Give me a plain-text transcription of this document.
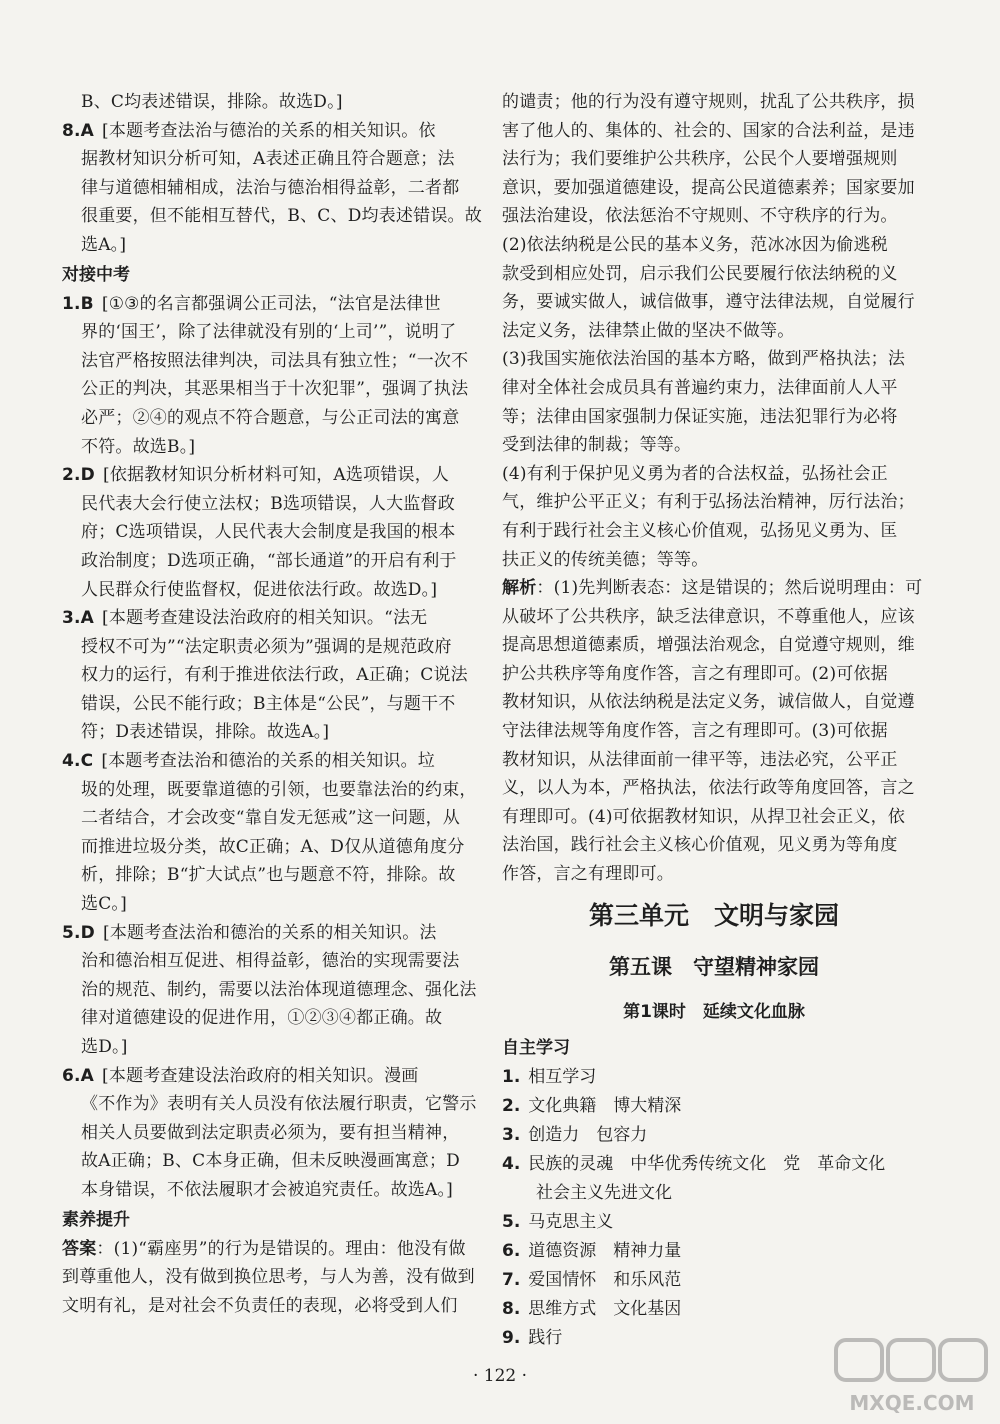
B、C均表述错误，排除。故选D。]
8.A [本题考查法治与德治的关系的相关知识。依
据教材知识分析可知，A表述正确且符合题意；法
律与道德相辅相成，法治与德治相得益彰，二者都
很重要，但不能相互替代，B、C、D均表述错误。故
选A。]
对接中考
1.B [①③的名言都强调公正司法，“法官是法律世
界的‘国王’，除了法律就没有别的‘上司’”，说明了
法官严格按照法律判决，司法具有独立性；“一次不
公正的判决，其恶果相当于十次犯罪”，强调了执法
必严；②④的观点不符合题意，与公正司法的寓意
不符。故选B。]
2.D [依据教材知识分析材料可知，A选项错误，人
民代表大会行使立法权；B选项错误，人大监督政
府；C选项错误，人民代表大会制度是我国的根本
政治制度；D选项正确，“部长通道”的开启有利于
人民群众行使监督权，促进依法行政。故选D。]
3.A [本题考查建设法治政府的相关知识。“法无
授权不可为”“法定职责必须为”强调的是规范政府
权力的运行，有利于推进依法行政，A正确；C说法
错误，公民不能行政；B主体是“公民”，与题干不
符；D表述错误，排除。故选A。]
4.C [本题考查法治和德治的关系的相关知识。垃
圾的处理，既要靠道德的引领，也要靠法治的约束，
二者结合，才会改变“靠自发无惩戒”这一问题，从
而推进垃圾分类，故C正确；A、D仅从道德角度分
析，排除；B“扩大试点”也与题意不符，排除。故
选C。]
5.D [本题考查法治和德治的关系的相关知识。法
治和德治相互促进、相得益彰，德治的实现需要法
治的规范、制约，需要以法治体现道德理念、强化法
律对道德建设的促进作用，①②③④都正确。故
选D。]
6.A [本题考查建设法治政府的相关知识。漫画
《不作为》表明有关人员没有依法履行职责，它警示
相关人员要做到法定职责必须为，要有担当精神，
故A正确；B、C本身正确，但未反映漫画寓意；D
本身错误，不依法履职才会被追究责任。故选A。]
素养提升
答案：(1)“霸座男”的行为是错误的。理由：他没有做
到尊重他人，没有做到换位思考，与人为善，没有做到
文明有礼，是对社会不负责任的表现，必将受到人们
的谴责；他的行为没有遵守规则，扰乱了公共秩序，损
害了他人的、集体的、社会的、国家的合法利益，是违
法行为；我们要维护公共秩序，公民个人要增强规则
意识，要加强道德建设，提高公民道德素养；国家要加
强法治建设，依法惩治不守规则、不守秩序的行为。
(2)依法纳税是公民的基本义务，范冰冰因为偷逃税
款受到相应处罚，启示我们公民要履行依法纳税的义
务，要诚实做人，诚信做事，遵守法律法规，自觉履行
法定义务，法律禁止做的坚决不做等。
(3)我国实施依法治国的基本方略，做到严格执法；法
律对全体社会成员具有普遍约束力，法律面前人人平
等；法律由国家强制力保证实施，违法犯罪行为必将
受到法律的制裁；等等。
(4)有利于保护见义勇为者的合法权益，弘扬社会正
气，维护公平正义；有利于弘扬法治精神，厉行法治；
有利于践行社会主义核心价值观，弘扬见义勇为、匡
扶正义的传统美德；等等。
解析：(1)先判断表态：这是错误的；然后说明理由：可
从破坏了公共秩序，缺乏法律意识，不尊重他人，应该
提高思想道德素质，增强法治观念，自觉遵守规则，维
护公共秩序等角度作答，言之有理即可。(2)可依据
教材知识，从依法纳税是法定义务，诚信做人，自觉遵
守法律法规等角度作答，言之有理即可。(3)可依据
教材知识，从法律面前一律平等，违法必究，公平正
义，以人为本，严格执法，依法行政等角度回答，言之
有理即可。(4)可依据教材知识，从捍卫社会正义，依
法治国，践行社会主义核心价值观，见义勇为等角度
作答，言之有理即可。
第三单元　文明与家园
第五课　守望精神家园
第1课时　延续文化血脉
自主学习
1. 相互学习
2. 文化典籍　博大精深
3. 创造力　包容力
4. 民族的灵魂　中华优秀传统文化　党　革命文化
社会主义先进文化
5. 马克思主义
6. 道德资源　精神力量
7. 爱国情怀　和乐风范
8. 思维方式　文化基因
9. 践行
· 122 ·
MXQE.COM
